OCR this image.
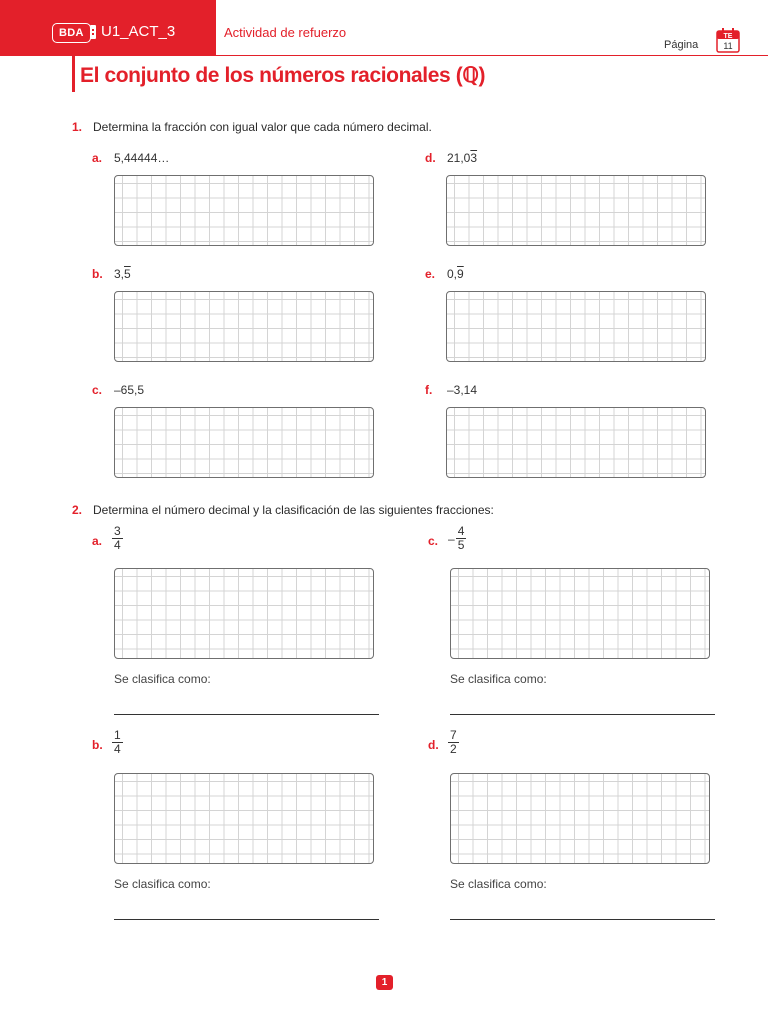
BDA	U1_ACT_3	Actividad de refuerzo
Página
TE
11
El conjunto de los números racionales (ℚ)
1. Determina la fracción con igual valor que cada número decimal.
a. 5,44444…	d. 21,03
b. 3,5	e. 0,9
c. –65,5	f. –3,14
2. Determina el número decimal y la clasificación de las siguientes fracciones:
a. $\frac{3}{4}$
Se clasifica como:
c. $^- \frac{4}{5}$
Se clasifica como:
b. $\frac{1}{4}$
Se clasifica como:
d. $\frac{7}{2}$
Se clasifica como:
1
